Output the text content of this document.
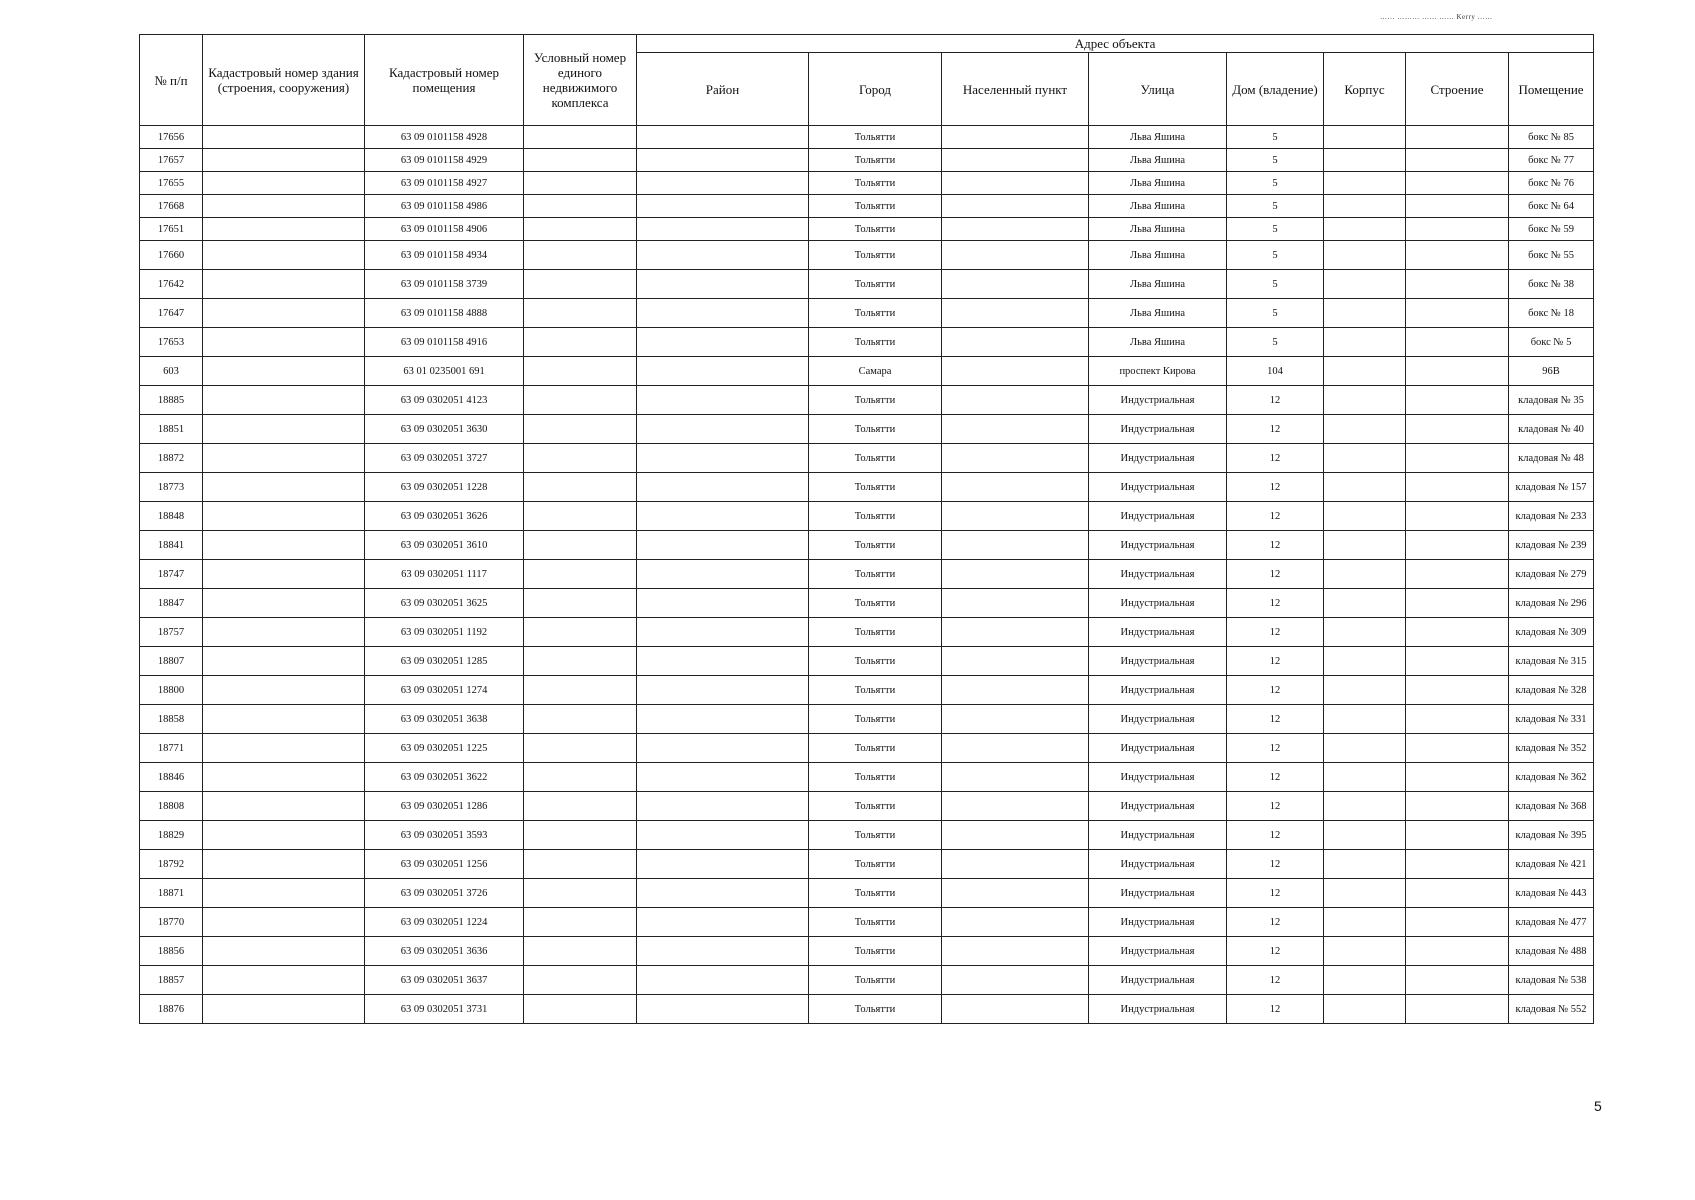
…… ……… …… …… Kerry ……
№ п/п	Кадастровый номер здания (строения, сооружения)	Кадастровый номер помещения	Условный номер единого недвижимого комплекса	Адрес объекта							
				Район	Город	Населенный пункт	Улица	Дом (владение)	Корпус	Строение	Помещение
17656		63 09 0101158 4928			Тольятти		Льва Яшина	5			бокс № 85
17657		63 09 0101158 4929			Тольятти		Льва Яшина	5			бокс № 77
17655		63 09 0101158 4927			Тольятти		Льва Яшина	5			бокс № 76
17668		63 09 0101158 4986			Тольятти		Льва Яшина	5			бокс № 64
17651		63 09 0101158 4906			Тольятти		Льва Яшина	5			бокс № 59
17660		63 09 0101158 4934			Тольятти		Льва Яшина	5			бокс № 55
17642		63 09 0101158 3739			Тольятти		Льва Яшина	5			бокс № 38
17647		63 09 0101158 4888			Тольятти		Льва Яшина	5			бокс № 18
17653		63 09 0101158 4916			Тольятти		Льва Яшина	5			бокс № 5
603		63 01 0235001 691			Самара		проспект Кирова	104			96В
18885		63 09 0302051 4123			Тольятти		Индустриальная	12			кладовая № 35
18851		63 09 0302051 3630			Тольятти		Индустриальная	12			кладовая № 40
18872		63 09 0302051 3727			Тольятти		Индустриальная	12			кладовая № 48
18773		63 09 0302051 1228			Тольятти		Индустриальная	12			кладовая № 157
18848		63 09 0302051 3626			Тольятти		Индустриальная	12			кладовая № 233
18841		63 09 0302051 3610			Тольятти		Индустриальная	12			кладовая № 239
18747		63 09 0302051 1117			Тольятти		Индустриальная	12			кладовая № 279
18847		63 09 0302051 3625			Тольятти		Индустриальная	12			кладовая № 296
18757		63 09 0302051 1192			Тольятти		Индустриальная	12			кладовая № 309
18807		63 09 0302051 1285			Тольятти		Индустриальная	12			кладовая № 315
18800		63 09 0302051 1274			Тольятти		Индустриальная	12			кладовая № 328
18858		63 09 0302051 3638			Тольятти		Индустриальная	12			кладовая № 331
18771		63 09 0302051 1225			Тольятти		Индустриальная	12			кладовая № 352
18846		63 09 0302051 3622			Тольятти		Индустриальная	12			кладовая № 362
18808		63 09 0302051 1286			Тольятти		Индустриальная	12			кладовая № 368
18829		63 09 0302051 3593			Тольятти		Индустриальная	12			кладовая № 395
18792		63 09 0302051 1256			Тольятти		Индустриальная	12			кладовая № 421
18871		63 09 0302051 3726			Тольятти		Индустриальная	12			кладовая № 443
18770		63 09 0302051 1224			Тольятти		Индустриальная	12			кладовая № 477
18856		63 09 0302051 3636			Тольятти		Индустриальная	12			кладовая № 488
18857		63 09 0302051 3637			Тольятти		Индустриальная	12			кладовая № 538
18876		63 09 0302051 3731			Тольятти		Индустриальная	12			кладовая № 552
5
